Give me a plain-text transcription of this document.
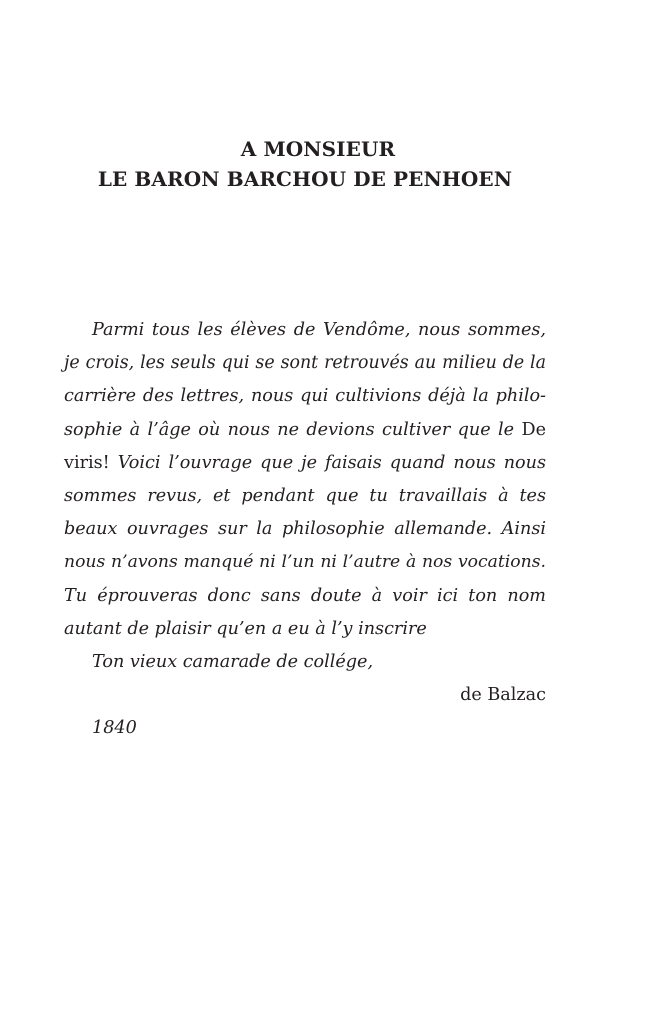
A MONSIEUR
LE BARON BARCHOU DE PENHOEN
Parmi tous les élèves de Vendôme, nous sommes,
je crois, les seuls qui se sont retrouvés au milieu de la
carrière des lettres, nous qui cultivions déjà la philo-
sophie à l’âge où nous ne devions cultiver que le De
viris! Voici l’ouvrage que je faisais quand nous nous
sommes revus, et pendant que tu travaillais à tes
beaux ouvrages sur la philosophie allemande. Ainsi
nous n’avons manqué ni l’un ni l’autre à nos vocations.
Tu éprouveras donc sans doute à voir ici ton nom
autant de plaisir qu’en a eu à l’y inscrire
Ton vieux camarade de collége,
de Balzac
1840
